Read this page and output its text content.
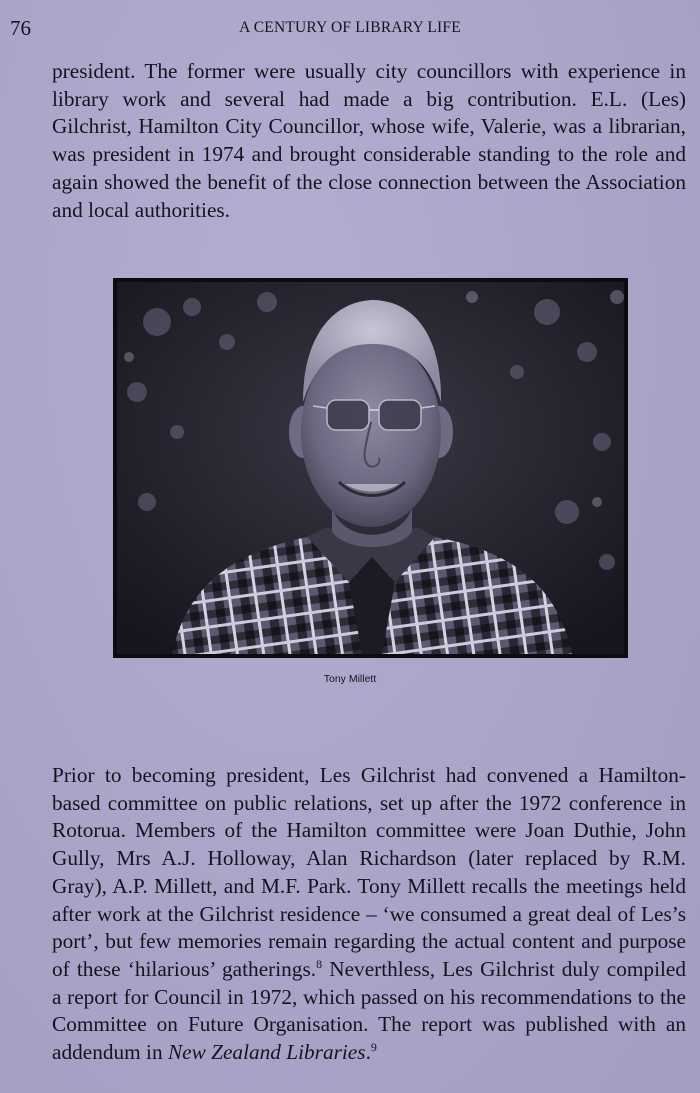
76	A CENTURY OF LIBRARY LIFE
president. The former were usually city councillors with experience in library work and several had made a big contribution. E.L. (Les) Gilchrist, Hamilton City Councillor, whose wife, Valerie, was a librarian, was president in 1974 and brought considerable standing to the role and again showed the benefit of the close connection between the Association and local authorities.
Tony Millett
Prior to becoming president, Les Gilchrist had convened a Hamilton-based committee on public relations, set up after the 1972 conference in Rotorua. Members of the Hamilton committee were Joan Duthie, John Gully, Mrs A.J. Holloway, Alan Richardson (later replaced by R.M. Gray), A.P. Millett, and M.F. Park. Tony Millett recalls the meetings held after work at the Gilchrist residence – ‘we consumed a great deal of Les’s port’, but few memories remain regarding the actual content and purpose of these ‘hilarious’ gatherings.$^8$ Neverthless, Les Gilchrist duly compiled a report for Council in 1972, which passed on his recommendations to the Committee on Future Organisation. The report was published with an addendum in New Zealand Libraries.$^9$
